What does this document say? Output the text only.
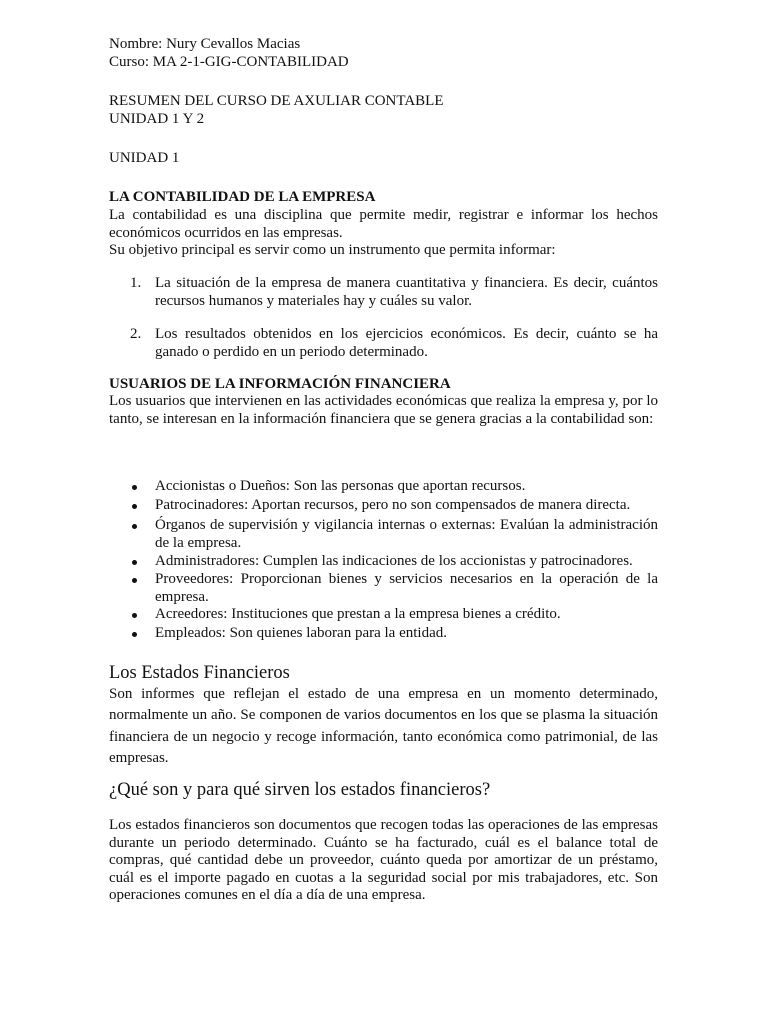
Nombre: Nury Cevallos Macias
Curso: MA 2-1-GIG-CONTABILIDAD
RESUMEN DEL CURSO DE AXULIAR CONTABLE
UNIDAD 1 Y 2
UNIDAD 1
LA CONTABILIDAD DE LA EMPRESA
La contabilidad es una disciplina que permite medir, registrar e informar los hechos económicos ocurridos en las empresas.
Su objetivo principal es servir como un instrumento que permita informar:
1. La situación de la empresa de manera cuantitativa y financiera. Es decir, cuántos recursos humanos y materiales hay y cuáles su valor.
2. Los resultados obtenidos en los ejercicios económicos. Es decir, cuánto se ha ganado o perdido en un periodo determinado.
USUARIOS DE LA INFORMACIÓN FINANCIERA
Los usuarios que intervienen en las actividades económicas que realiza la empresa y, por lo tanto, se interesan en la información financiera que se genera gracias a la contabilidad son:
Accionistas o Dueños: Son las personas que aportan recursos.
Patrocinadores: Aportan recursos, pero no son compensados de manera directa.
Órganos de supervisión y vigilancia internas o externas: Evalúan la administración de la empresa.
Administradores: Cumplen las indicaciones de los accionistas y patrocinadores.
Proveedores: Proporcionan bienes y servicios necesarios en la operación de la empresa.
Acreedores: Instituciones que prestan a la empresa bienes a crédito.
Empleados: Son quienes laboran para la entidad.
Los Estados Financieros
Son informes que reflejan el estado de una empresa en un momento determinado, normalmente un año. Se componen de varios documentos en los que se plasma la situación financiera de un negocio y recoge información, tanto económica como patrimonial, de las empresas.
¿Qué son y para qué sirven los estados financieros?
Los estados financieros son documentos que recogen todas las operaciones de las empresas durante un periodo determinado. Cuánto se ha facturado, cuál es el balance total de compras, qué cantidad debe un proveedor, cuánto queda por amortizar de un préstamo, cuál es el importe pagado en cuotas a la seguridad social por mis trabajadores, etc. Son operaciones comunes en el día a día de una empresa.
